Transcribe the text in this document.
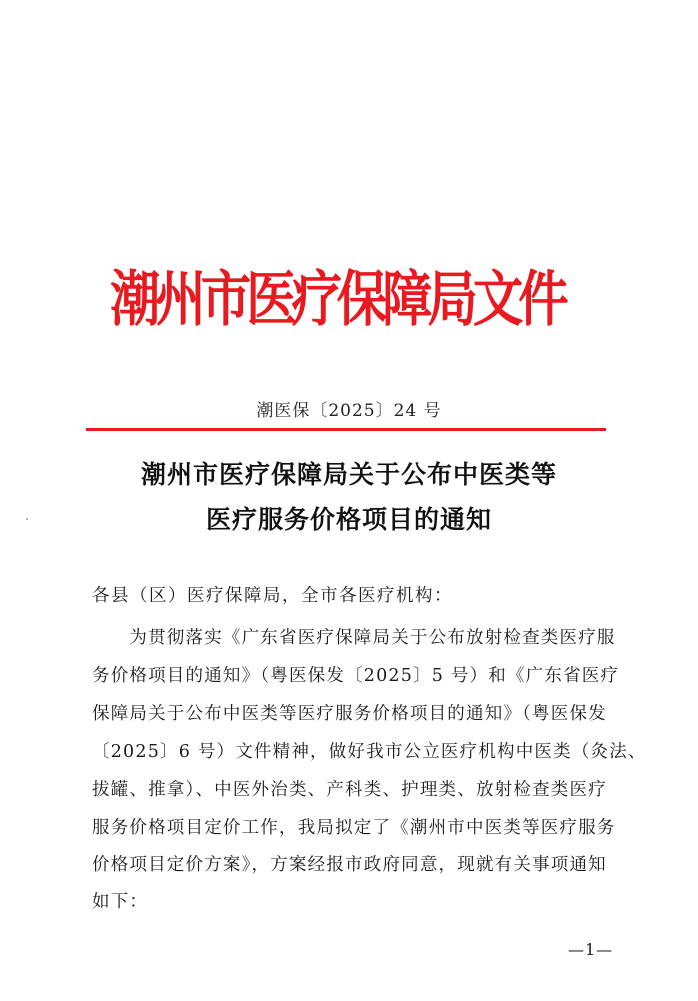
潮州市医疗保障局文件
潮医保〔2025〕24 号
潮州市医疗保障局关于公布中医类等
医疗服务价格项目的通知
各县（区）医疗保障局，全市各医疗机构：
　　为贯彻落实《广东省医疗保障局关于公布放射检查类医疗服
务价格项目的通知》（粤医保发〔2025〕5 号）和《广东省医疗
保障局关于公布中医类等医疗服务价格项目的通知》（粤医保发
〔2025〕6 号）文件精神，做好我市公立医疗机构中医类（灸法、
拔罐、推拿）、中医外治类、产科类、护理类、放射检查类医疗
服务价格项目定价工作，我局拟定了《潮州市中医类等医疗服务
价格项目定价方案》，方案经报市政府同意，现就有关事项通知
如下：
—1—
